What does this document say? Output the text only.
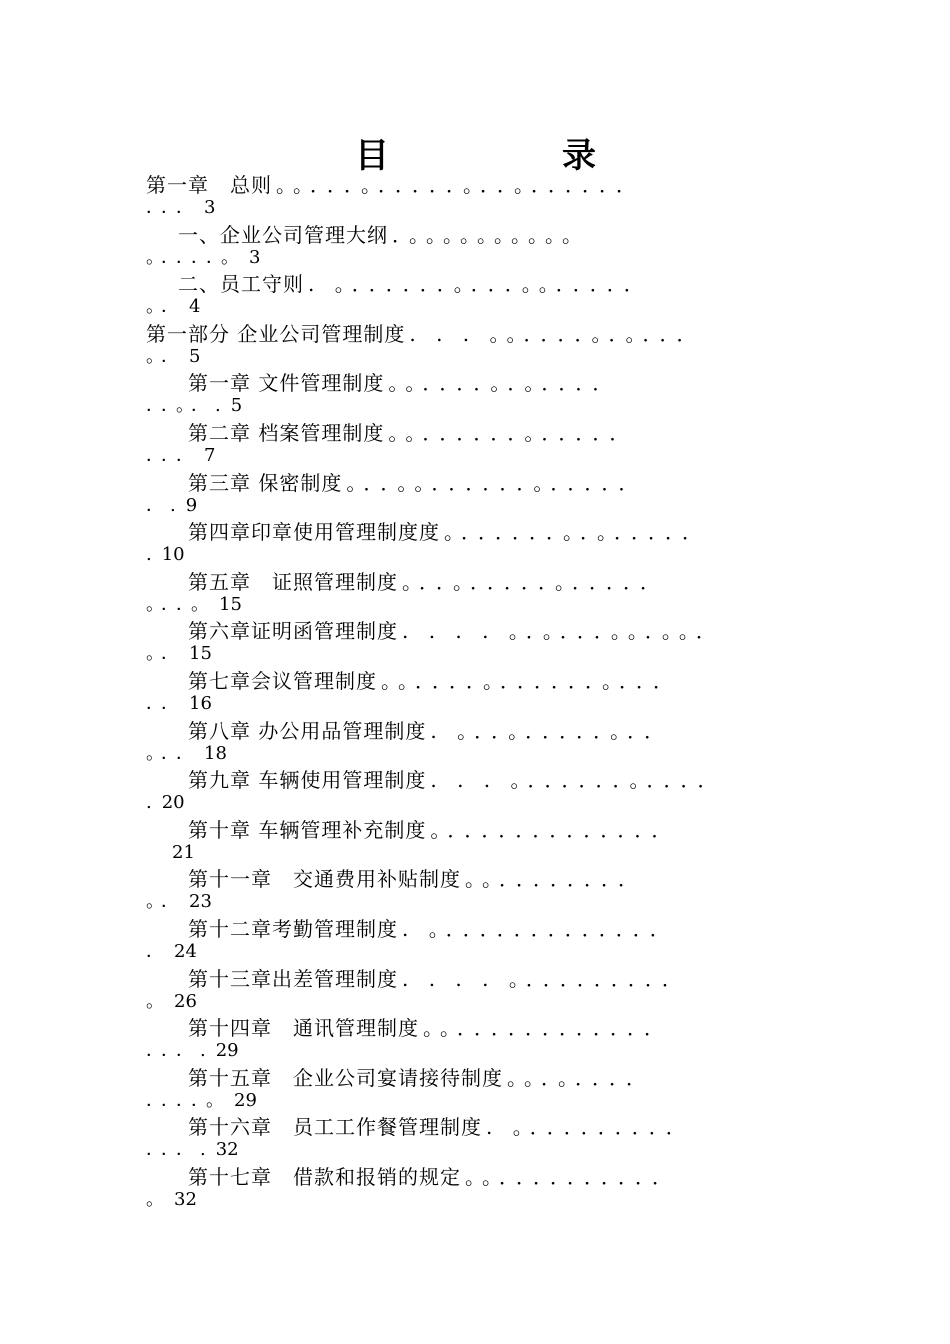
目	录
第一章　总则 。。．．．。．．．．．。．．。．．．．．．
．．． 3
一、企业公司管理大纲 ．。。。。。。。。。。
。．．．．。 3
二、员工守则 . 。．．．．．．。．．．。。．．．．．
。． 4
第一部分 企业公司管理制度 . . . 。。．．．．。．。．．．
。． 5
第一章 文件管理制度 。。．．．．。．。．．．．
．．。．. 5
第二章 档案管理制度 。。．．．．．．。．．．．．
．．． 7
第三章 保密制度 。．．。。．．．．．．。．．．．．
．. 9
第四章印章使用管理制度度 。．．．．．．。．。．．．．．
. 10
第五章　证照管理制度 。．．。．．．．．。．．．．．
。．．。 15
第六章证明函管理制度 . . . . 。．。．．．。。．。。．
。． 15
第七章会议管理制度 。。．．．．。．．．．．．。．．．
．． 16
第八章 办公用品管理制度 . 。．．。．．．．．。．．
。．． 18
第九章 车辆使用管理制度 . . . 。．．．．．．。．．．．
. 20
第十章 车辆管理补充制度 。．．．．．．．．．．．．．
21
第十一章　交通费用补贴制度 。。．．．．．．．．
。． 23
第十二章考勤管理制度 . 。．．．．．．．．．．．．．
． 24
第十三章出差管理制度 . . . . 。．．．．．．．．．
。 26
第十四章　通讯管理制度 。。．．．．．．．．．．．．
．．．. 29
第十五章　企业公司宴请接待制度 。。．。．．．．
．．．．。 29
第十六章　员工工作餐管理制度 . 。．．．．．．．．．
．．．. 32
第十七章　借款和报销的规定 。。．．．．．．．．．．
。 32
